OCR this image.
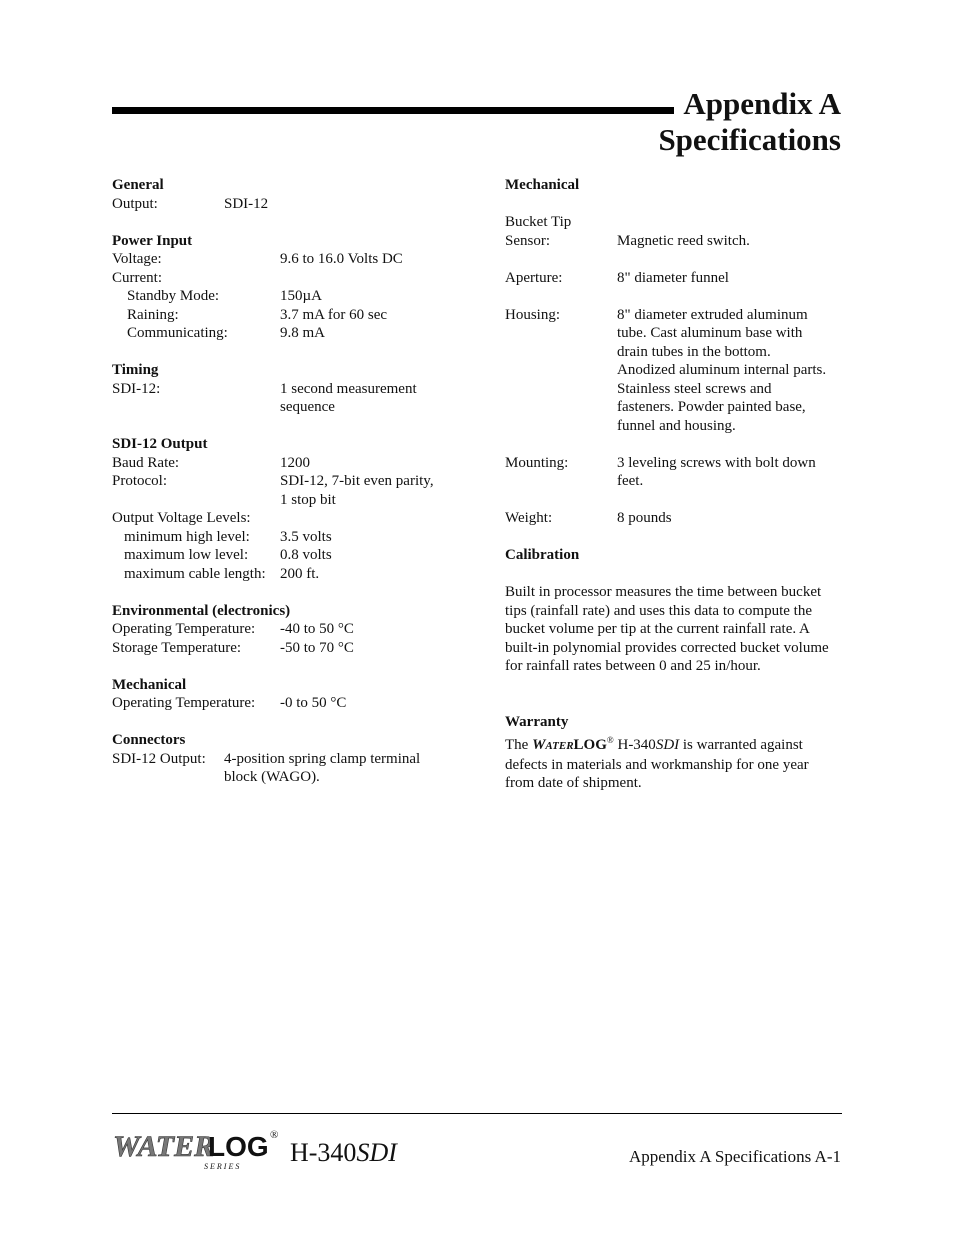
Appendix A
Specifications
General
Output:	SDI-12
Power Input
Voltage:	9.6 to 16.0 Volts DC
Current:
Standby Mode:	150µA
Raining:	3.7 mA for 60 sec
Communicating:	9.8 mA
Timing
SDI-12:	1 second measurement
sequence
SDI-12 Output
Baud Rate:	1200
Protocol:	SDI-12, 7-bit even parity,
1 stop bit
Output Voltage Levels:
minimum high level:	3.5 volts
maximum low level:	0.8 volts
maximum cable length: 200 ft.
Environmental (electronics)
Operating Temperature:	-40 to 50 °C
Storage Temperature:	-50 to 70 °C
Mechanical
Operating Temperature:	-0 to 50 °C
Connectors
SDI-12 Output:	4-position spring clamp terminal
block (WAGO).
Mechanical
Bucket Tip
Sensor:	Magnetic reed switch.
Aperture:	8" diameter funnel
Housing:	8" diameter extruded aluminum
tube. Cast aluminum base with
drain tubes in the bottom.
Anodized aluminum internal parts.
Stainless steel screws and
fasteners. Powder painted base,
funnel and housing.
Mounting:	3 leveling screws with bolt down
feet.
Weight:	8 pounds
Calibration

Built in processor measures the time between bucket
tips (rainfall rate) and uses this data to compute the
bucket volume per tip at the current rainfall rate. A
built-in polynomial provides corrected bucket volume
for rainfall rates between 0 and 25 in/hour.

Warranty

The WATERLOG® H-340SDI is warranted against
defects in materials and workmanship for one year
from date of shipment.

WATER
LOG ®
S E R I E S H-340SDI	Appendix A Specifications A-1
